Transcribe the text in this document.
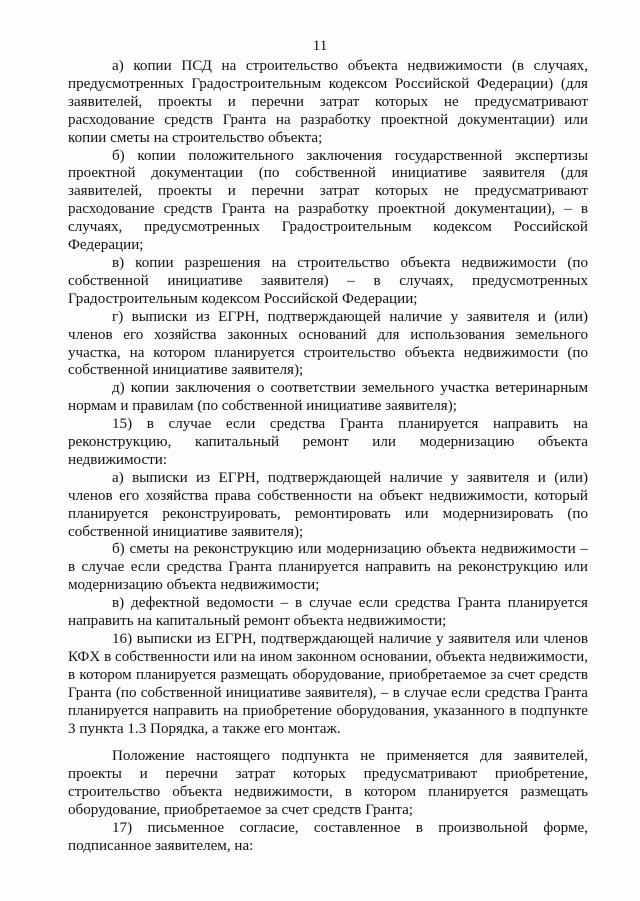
11

а) копии ПСД на строительство объекта недвижимости (в случаях, предусмотренных Градостроительным кодексом Российской Федерации) (для заявителей, проекты и перечни затрат которых не предусматривают расходование средств Гранта на разработку проектной документации) или копии сметы на строительство объекта;

б) копии положительного заключения государственной экспертизы проектной документации (по собственной инициативе заявителя (для заявителей, проекты и перечни затрат которых не предусматривают расходование средств Гранта на разработку проектной документации), – в случаях, предусмотренных Градостроительным кодексом Российской Федерации;

в) копии разрешения на строительство объекта недвижимости (по собственной инициативе заявителя) – в случаях, предусмотренных Градостроительным кодексом Российской Федерации;

г) выписки из ЕГРН, подтверждающей наличие у заявителя и (или) членов его хозяйства законных оснований для использования земельного участка, на котором планируется строительство объекта недвижимости (по собственной инициативе заявителя);

д) копии заключения о соответствии земельного участка ветеринарным нормам и правилам (по собственной инициативе заявителя);

15) в случае если средства Гранта планируется направить на реконструкцию, капитальный ремонт или модернизацию объекта недвижимости:

а) выписки из ЕГРН, подтверждающей наличие у заявителя и (или) членов его хозяйства права собственности на объект недвижимости, который планируется реконструировать, ремонтировать или модернизировать (по собственной инициативе заявителя);

б) сметы на реконструкцию или модернизацию объекта недвижимости – в случае если средства Гранта планируется направить на реконструкцию или модернизацию объекта недвижимости;

в) дефектной ведомости – в случае если средства Гранта планируется направить на капитальный ремонт объекта недвижимости;

16) выписки из ЕГРН, подтверждающей наличие у заявителя или членов КФХ в собственности или на ином законном основании, объекта недвижимости, в котором планируется размещать оборудование, приобретаемое за счет средств Гранта (по собственной инициативе заявителя), – в случае если средства Гранта планируется направить на приобретение оборудования, указанного в подпункте 3 пункта 1.3 Порядка, а также его монтаж.

Положение настоящего подпункта не применяется для заявителей, проекты и перечни затрат которых предусматривают приобретение, строительство объекта недвижимости, в котором планируется размещать оборудование, приобретаемое за счет средств Гранта;

17) письменное согласие, составленное в произвольной форме, подписанное заявителем, на:
